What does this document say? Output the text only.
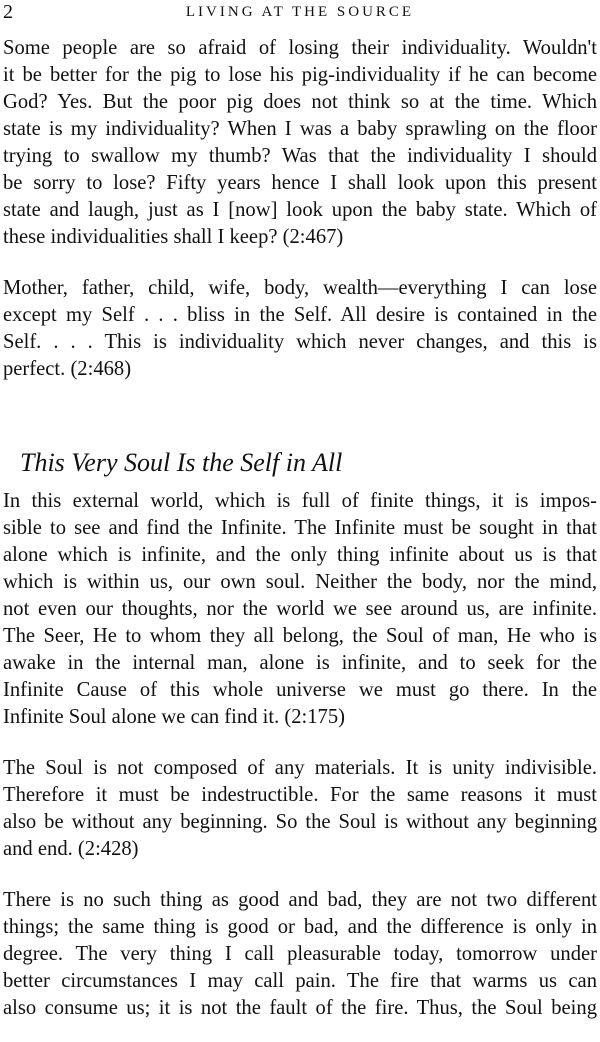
2	LIVING AT THE SOURCE
Some people are so afraid of losing their individuality. Wouldn't
it be better for the pig to lose his pig-individuality if he can become
God? Yes. But the poor pig does not think so at the time. Which
state is my individuality? When I was a baby sprawling on the floor
trying to swallow my thumb? Was that the individuality I should
be sorry to lose? Fifty years hence I shall look upon this present
state and laugh, just as I [now] look upon the baby state. Which of
these individualities shall I keep? (2:467)
Mother, father, child, wife, body, wealth—everything I can lose
except my Self . . . bliss in the Self. All desire is contained in the
Self. . . . This is individuality which never changes, and this is
perfect. (2:468)
This Very Soul Is the Self in All
In this external world, which is full of finite things, it is impos-
sible to see and find the Infinite. The Infinite must be sought in that
alone which is infinite, and the only thing infinite about us is that
which is within us, our own soul. Neither the body, nor the mind,
not even our thoughts, nor the world we see around us, are infinite.
The Seer, He to whom they all belong, the Soul of man, He who is
awake in the internal man, alone is infinite, and to seek for the
Infinite Cause of this whole universe we must go there. In the
Infinite Soul alone we can find it. (2:175)
The Soul is not composed of any materials. It is unity indivisible.
Therefore it must be indestructible. For the same reasons it must
also be without any beginning. So the Soul is without any beginning
and end. (2:428)
There is no such thing as good and bad, they are not two different
things; the same thing is good or bad, and the difference is only in
degree. The very thing I call pleasurable today, tomorrow under
better circumstances I may call pain. The fire that warms us can
also consume us; it is not the fault of the fire. Thus, the Soul being
